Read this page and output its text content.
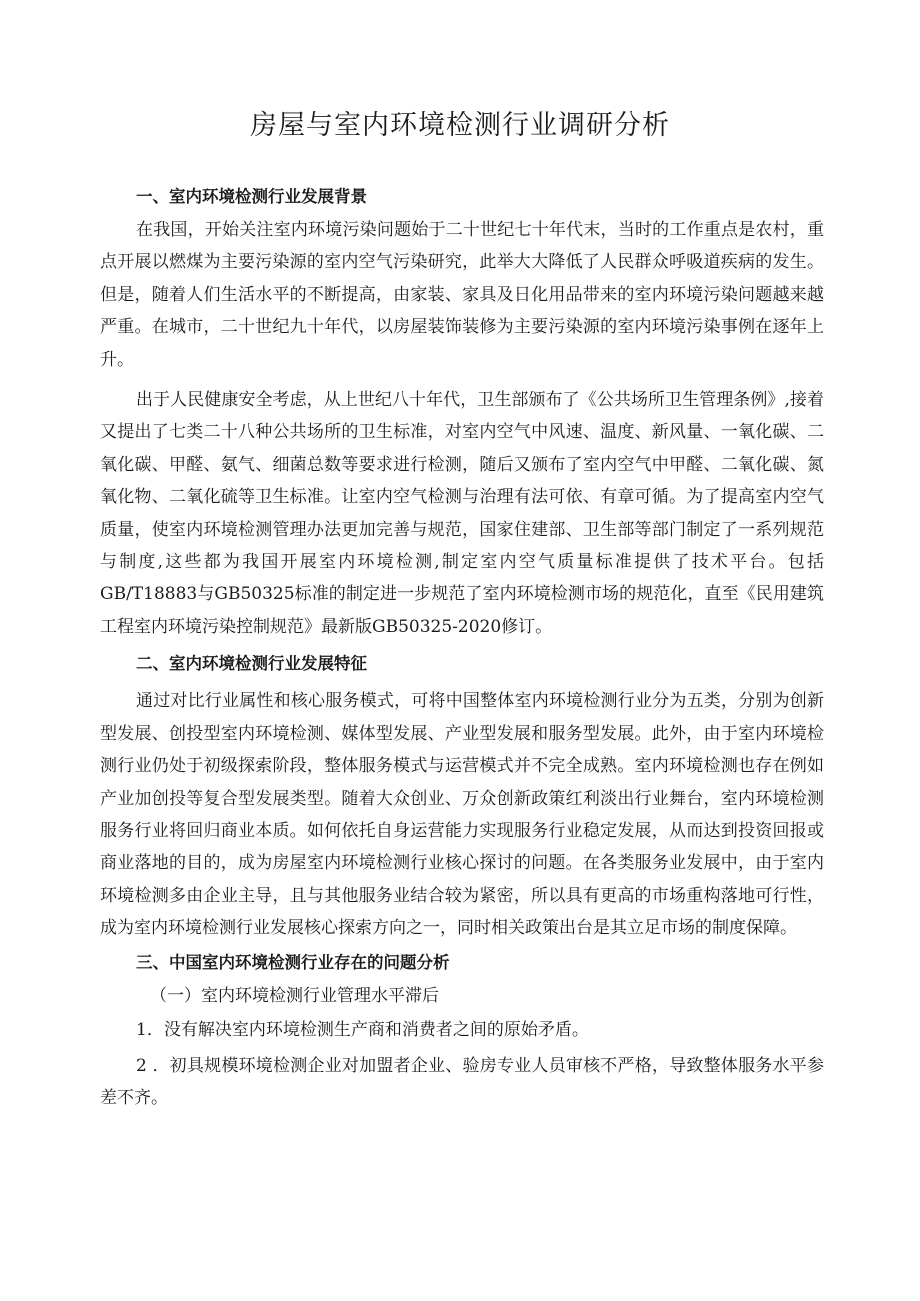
房屋与室内环境检测行业调研分析

一、室内环境检测行业发展背景

在我国，开始关注室内环境污染问题始于二十世纪七十年代末，当时的工作重点是农村，重点开展以燃煤为主要污染源的室内空气污染研究，此举大大降低了人民群众呼吸道疾病的发生。但是，随着人们生活水平的不断提高，由家装、家具及日化用品带来的室内环境污染问题越来越严重。在城市，二十世纪九十年代，以房屋装饰装修为主要污染源的室内环境污染事例在逐年上升。

出于人民健康安全考虑，从上世纪八十年代，卫生部颁布了《公共场所卫生管理条例》,接着又提出了七类二十八种公共场所的卫生标准，对室内空气中风速、温度、新风量、一氧化碳、二氧化碳、甲醛、氨气、细菌总数等要求进行检测，随后又颁布了室内空气中甲醛、二氧化碳、氮氧化物、二氧化硫等卫生标准。让室内空气检测与治理有法可依、有章可循。为了提高室内空气质量，使室内环境检测管理办法更加完善与规范，国家住建部、卫生部等部门制定了一系列规范与制度,这些都为我国开展室内环境检测,制定室内空气质量标准提供了技术平台。包括GB/T18883与GB50325标准的制定进一步规范了室内环境检测市场的规范化，直至《民用建筑工程室内环境污染控制规范》最新版GB50325-2020修订。

二、室内环境检测行业发展特征

通过对比行业属性和核心服务模式，可将中国整体室内环境检测行业分为五类，分别为创新型发展、创投型室内环境检测、媒体型发展、产业型发展和服务型发展。此外，由于室内环境检测行业仍处于初级探索阶段，整体服务模式与运营模式并不完全成熟。室内环境检测也存在例如产业加创投等复合型发展类型。随着大众创业、万众创新政策红利淡出行业舞台，室内环境检测服务行业将回归商业本质。如何依托自身运营能力实现服务行业稳定发展，从而达到投资回报或商业落地的目的，成为房屋室内环境检测行业核心探讨的问题。在各类服务业发展中，由于室内环境检测多由企业主导，且与其他服务业结合较为紧密，所以具有更高的市场重构落地可行性，成为室内环境检测行业发展核心探索方向之一，同时相关政策出台是其立足市场的制度保障。

三、中国室内环境检测行业存在的问题分析

（一）室内环境检测行业管理水平滞后

1．没有解决室内环境检测生产商和消费者之间的原始矛盾。

2 ．初具规模环境检测企业对加盟者企业、验房专业人员审核不严格，导致整体服务水平参差不齐。
